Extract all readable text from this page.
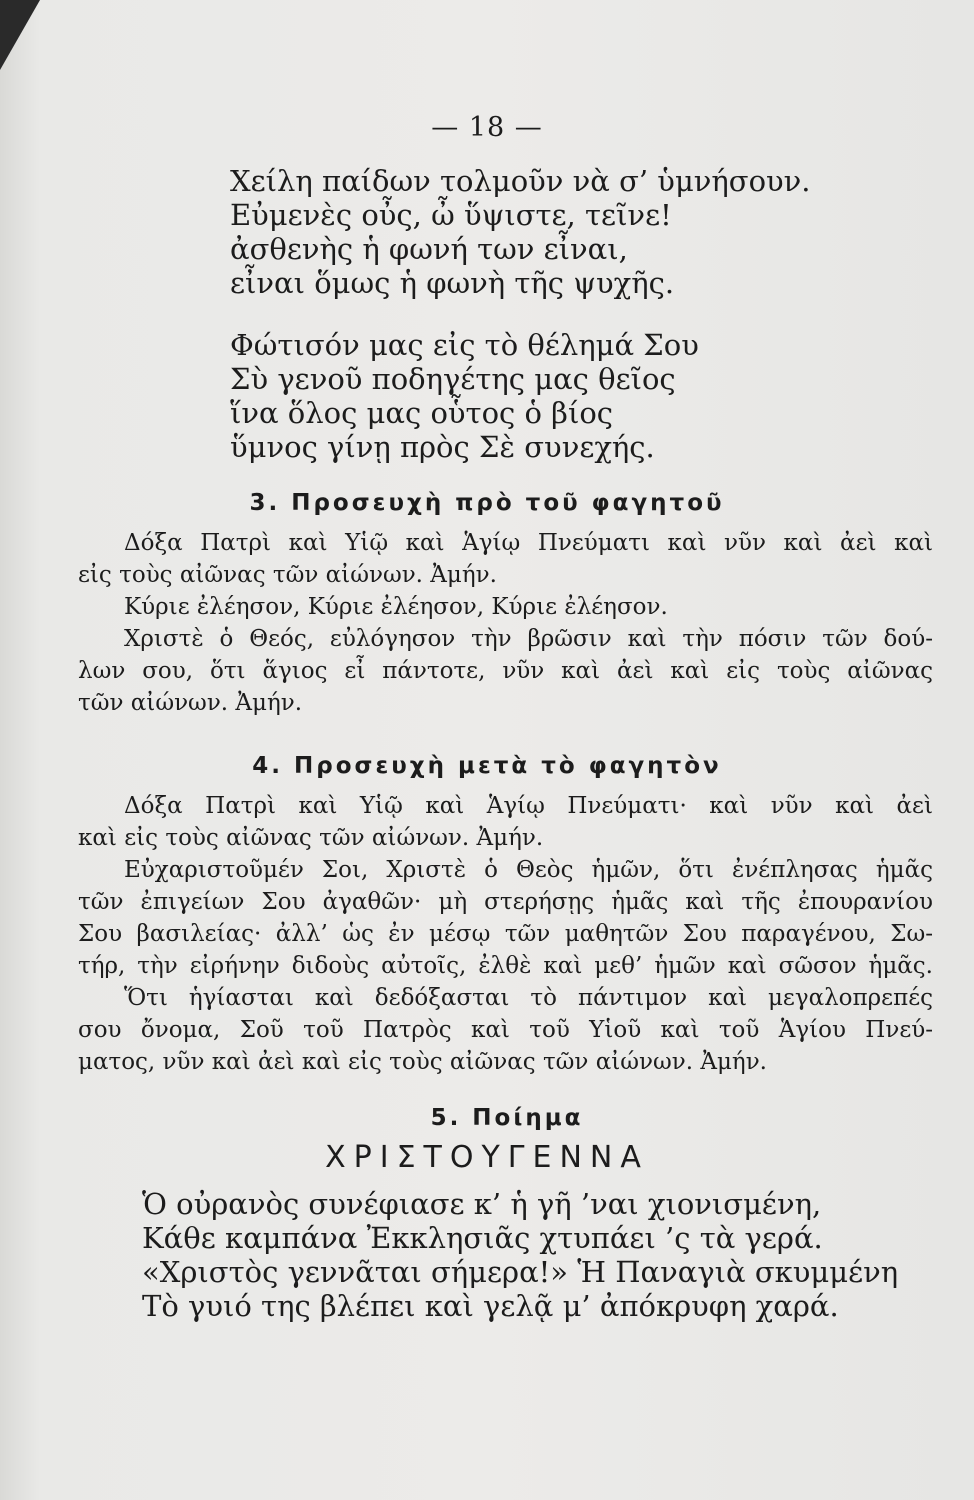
— 18 —
Χείλη παίδων τολμοῦν νὰ σ’ ὑμνήσουν.
Εὐμενὲς οὖς, ὦ ὕψιστε, τεῖνε!
ἀσθενὴς ἡ φωνή των εἶναι,
εἶναι ὅμως ἡ φωνὴ τῆς ψυχῆς.
Φώτισόν μας εἰς τὸ θέλημά Σου
Σὺ γενοῦ ποδηγέτης μας θεῖος
ἵνα ὅλος μας οὗτος ὁ βίος
ὕμνος γίνῃ πρὸς Σὲ συνεχής.
3. Προσευχὴ πρὸ τοῦ φαγητοῦ
Δόξα Πατρὶ καὶ Υἱῷ καὶ Ἁγίῳ Πνεύματι καὶ νῦν καὶ ἀεὶ καὶ
εἰς τοὺς αἰῶνας τῶν αἰώνων. Ἀμήν.
Κύριε ἐλέησον, Κύριε ἐλέησον, Κύριε ἐλέησον.
Χριστὲ ὁ Θεός, εὐλόγησον τὴν βρῶσιν καὶ τὴν πόσιν τῶν δού-
λων σου, ὅτι ἅγιος εἶ πάντοτε, νῦν καὶ ἀεὶ καὶ εἰς τοὺς αἰῶνας
τῶν αἰώνων. Ἀμήν.
4. Προσευχὴ μετὰ τὸ φαγητὸν
Δόξα Πατρὶ καὶ Υἱῷ καὶ Ἁγίῳ Πνεύματι· καὶ νῦν καὶ ἀεὶ
καὶ εἰς τοὺς αἰῶνας τῶν αἰώνων. Ἀμήν.
Εὐχαριστοῦμέν Σοι, Χριστὲ ὁ Θεὸς ἡμῶν, ὅτι ἐνέπλησας ἡμᾶς
τῶν ἐπιγείων Σου ἀγαθῶν· μὴ στερήσῃς ἡμᾶς καὶ τῆς ἐπουρανίου
Σου βασιλείας· ἀλλ’ ὡς ἐν μέσῳ τῶν μαθητῶν Σου παραγένου, Σω-
τήρ, τὴν εἰρήνην διδοὺς αὐτοῖς, ἐλθὲ καὶ μεθ’ ἡμῶν καὶ σῶσον ἡμᾶς.
Ὅτι ἡγίασται καὶ δεδόξασται τὸ πάντιμον καὶ μεγαλοπρεπές
σου ὄνομα, Σοῦ τοῦ Πατρὸς καὶ τοῦ Υἱοῦ καὶ τοῦ Ἁγίου Πνεύ-
ματος, νῦν καὶ ἀεὶ καὶ εἰς τοὺς αἰῶνας τῶν αἰώνων. Ἀμήν.
5. Ποίημα
ΧΡΙΣΤΟΥΓΕΝΝΑ
Ὁ οὐρανὸς συνέφιασε κ’ ἡ γῆ ’ναι χιονισμένη,
Κάθε καμπάνα Ἐκκλησιᾶς χτυπάει ’ς τὰ γερά.
«Χριστὸς γεννᾶται σήμερα!» Ἡ Παναγιὰ σκυμμένη
Τὸ γυιό της βλέπει καὶ γελᾷ μ’ ἀπόκρυφη χαρά.
